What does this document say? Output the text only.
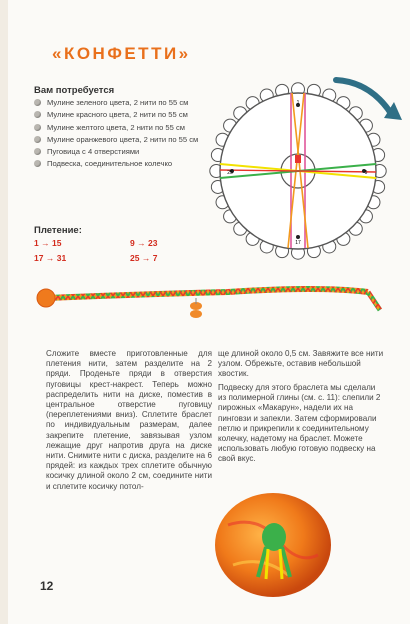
«КОНФЕТТИ»
Вам потребуется
Мулине зеленого цвета, 2 нити по 55 см
Мулине красного цвета, 2 нити по 55 см
Мулине желтого цвета, 2 нити по 55 см
Мулине оранжевого цвета, 2 нити по 55 см
Пуговица с 4 отверстиями
Подвеска, соединительное колечко
Плетение:
1 → 15	9 → 23
17 → 31	25 → 7
1
9
17
25
Сложите вместе приготовленные для плетения нити, затем разделите на 2 пряди. Проденьте пряди в отверстия пуговицы крест-накрест. Теперь можно распределить нити на диске, поместив в центральное отверстие пуговицу (переплетениями вниз). Сплетите браслет по индивидуальным размерам, далее закрепите плетение, завязывая узлом лежащие друг напротив друга на диске нити. Снимите нити с диска, разделите на 6 прядей: из каждых трех сплетите обычную косичку длиной около 2 см, соедините нити и сплетите косичку потол-
ще длиной около 0,5 см. Завяжите все нити узлом. Обрежьте, оставив небольшой хвостик.
Подвеску для этого браслета мы сделали из полимерной глины (см. с. 11): слепили 2 пирожных «Макарун», надели их на пинговзи и запекли. Затем сформировали петлю и прикрепили к соединительному колечку, надетому на браслет. Можете использовать любую готовую подвеску на свой вкус.
12
